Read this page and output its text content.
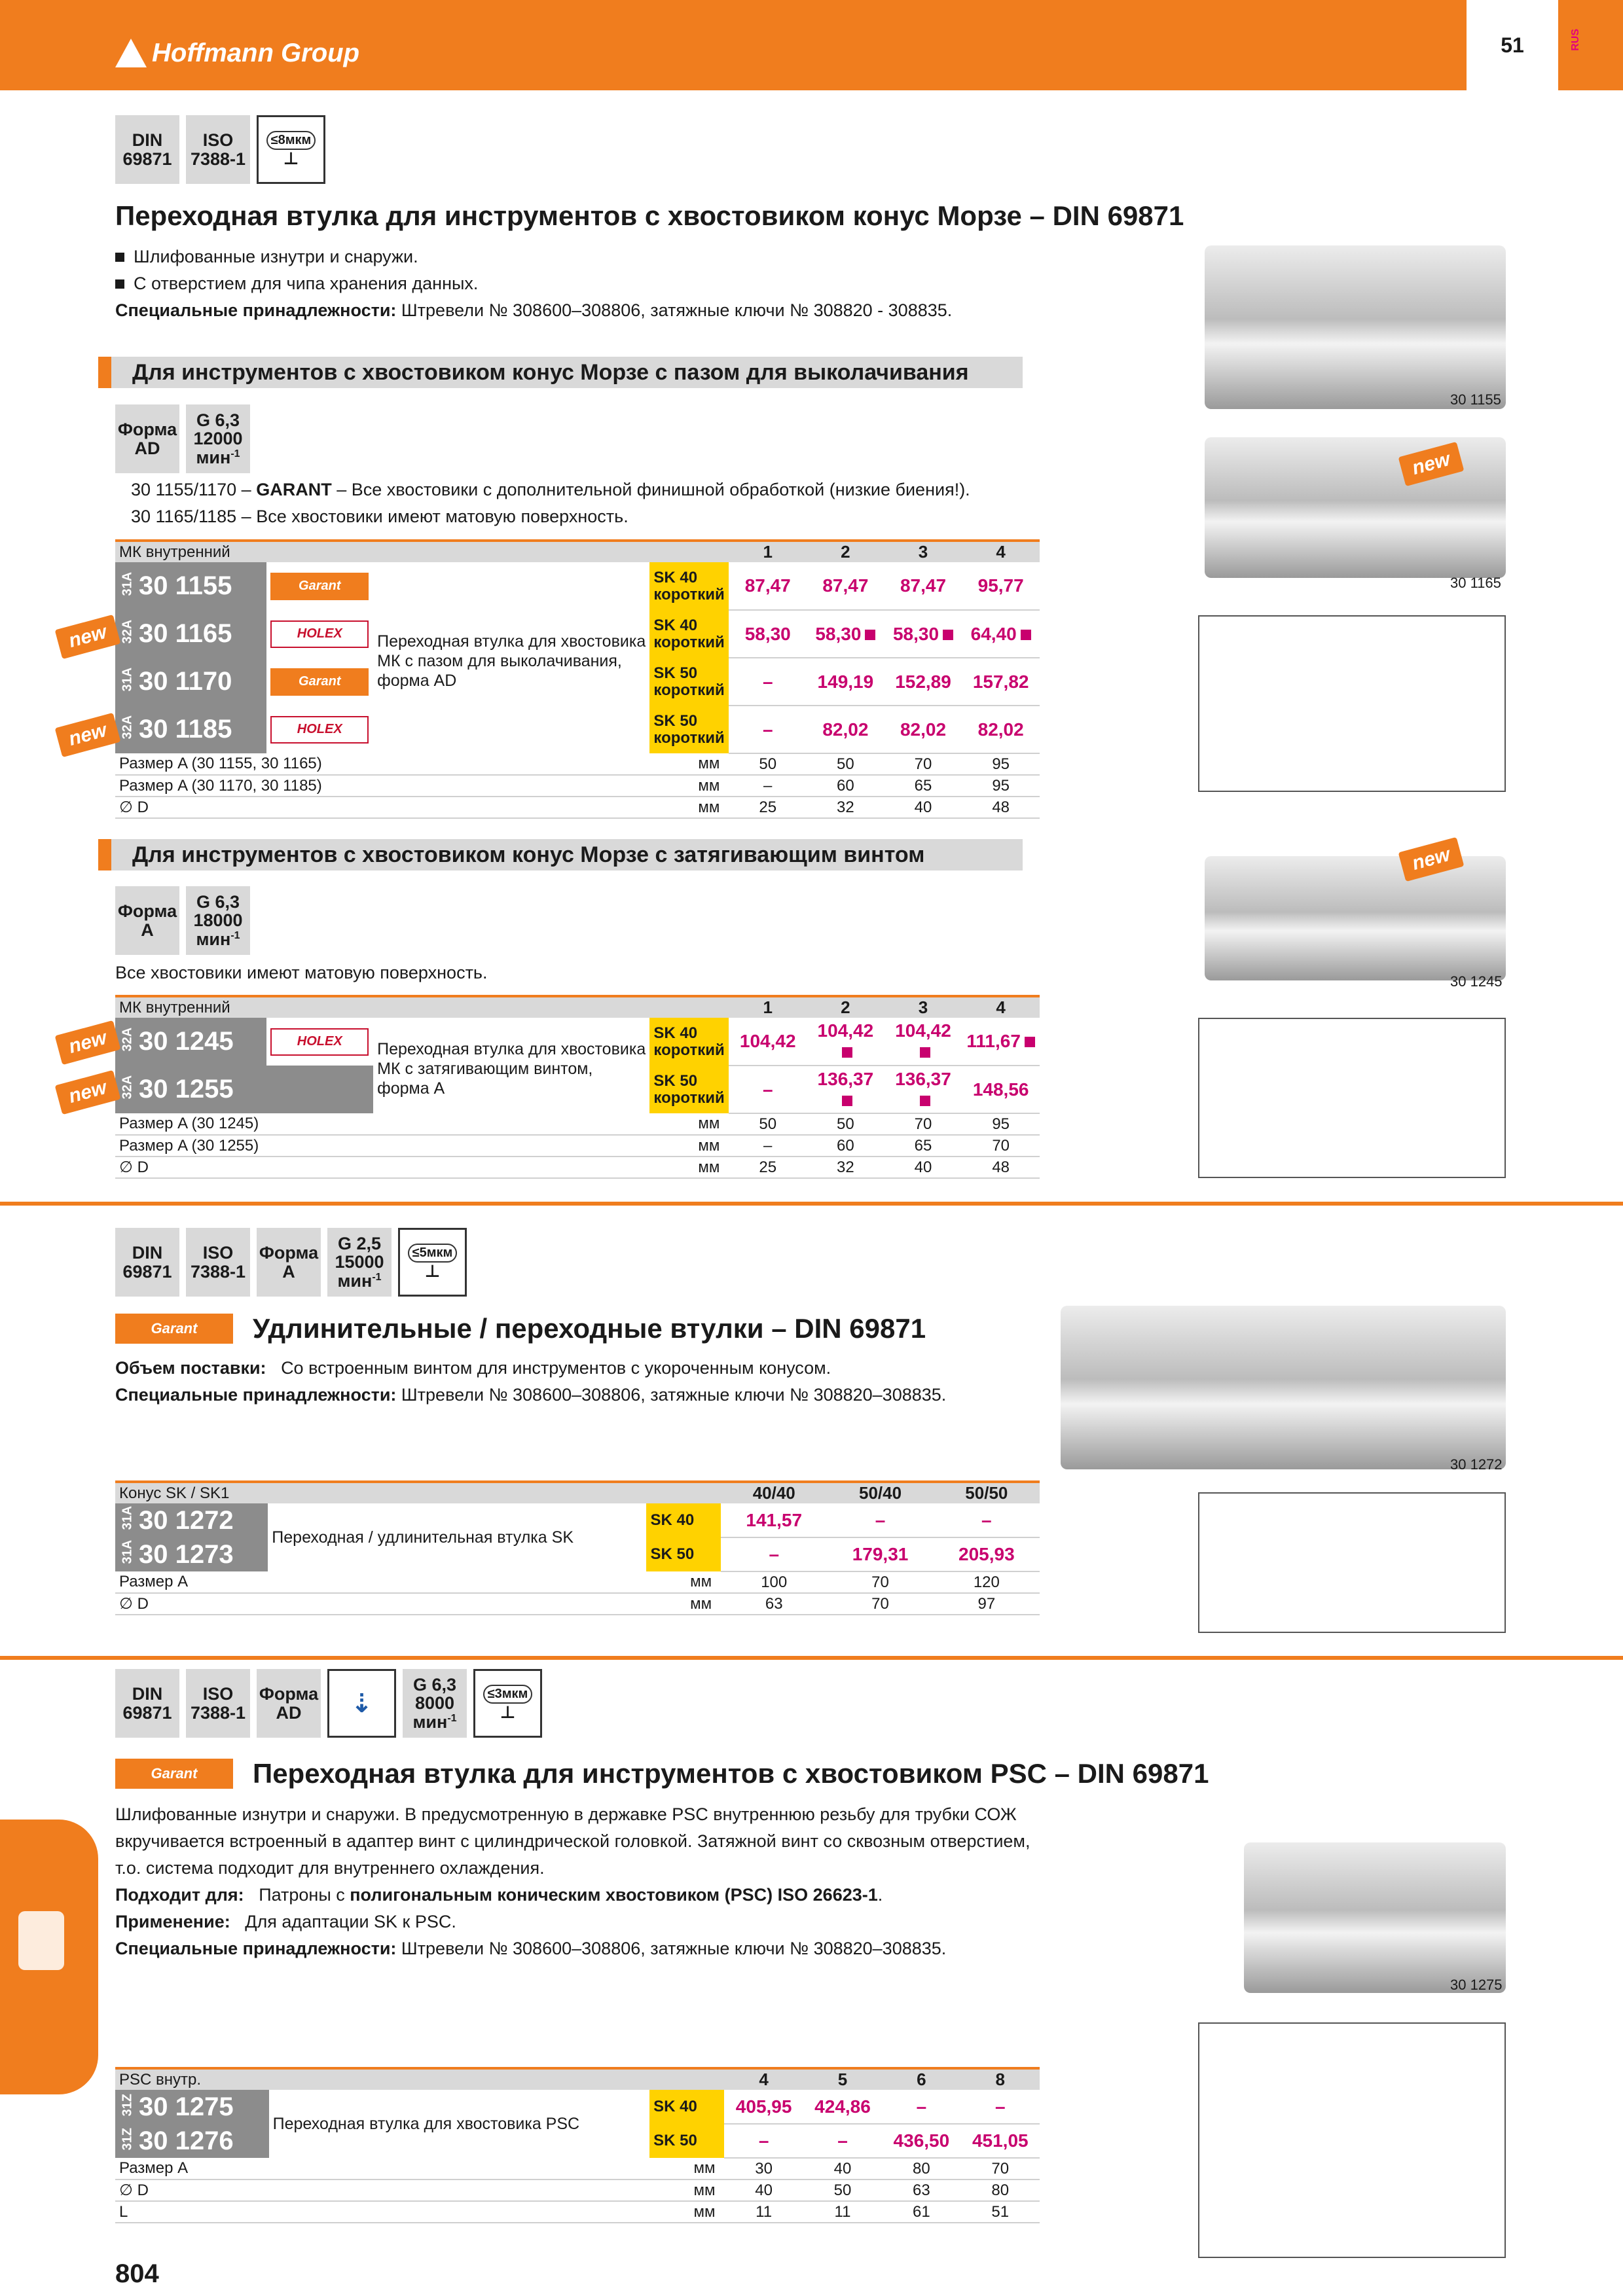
Hoffmann Group	51	RUS
DIN
69871
ISO
7388-1
≤8мкм
⊥
Переходная втулка для инструментов с хвостовиком конус Морзе – DIN 69871
Шлифованные изнутри и снаружи.
С отверстием для чипа хранения данных.
Специальные принадлежности: Штревели № 308600–308806, затяжные ключи № 308820 - 308835.
Для инструментов с хвостовиком конус Морзе с пазом для выколачивания
Форма
AD
G 6,3
12000
мин$^{-1}$
30 1155/1170 – GARANT – Все хвостовики с дополнительной финишной обработкой (низкие биения!).
30 1165/1185 – Все хвостовики имеют матовую поверхность.
МК внутренний				1	2	3	4
31A 30 1155	Garant	Переходная втулка для хвостовика МК с пазом для выколачивания, форма AD	SK 40 короткий	87,47	87,47	87,47	95,77
32A 30 1165	HOLEX		SK 40 короткий	58,30	58,30	58,30	64,40
31A 30 1170	Garant		SK 50 короткий	–	149,19	152,89	157,82
32A 30 1185	HOLEX		SK 50 короткий	–	82,02	82,02	82,02
Размер A (30 1155, 30 1165)			мм	50	50	70	95
Размер A (30 1170, 30 1185)			мм	–	60	65	95
∅ D			мм	25	32	40	48
new
new
30 1155
new
30 1165
Для инструментов с хвостовиком конус Морзе с затягивающим винтом
Форма
A
G 6,3
18000
мин$^{-1}$
Все хвостовики имеют матовую поверхность.
МК внутренний				1	2	3	4
32A 30 1245	HOLEX	Переходная втулка для хвостовика МК с затягивающим винтом, форма A	SK 40 короткий	104,42	104,42	104,42	111,67
32A 30 1255			SK 50 короткий	–	136,37	136,37	148,56
Размер A (30 1245)			мм	50	50	70	95
Размер A (30 1255)			мм	–	60	65	70
∅ D			мм	25	32	40	48
new
new
new
30 1245
DIN
69871
ISO
7388-1
Форма
A
G 2,5
15000
мин$^{-1}$
≤5мкм
⊥
Garant	Удлинительные / переходные втулки – DIN 69871
Объем поставки: Со встроенным винтом для инструментов с укороченным конусом.
Специальные принадлежности: Штревели № 308600–308806, затяжные ключи № 308820–308835.
Конус SK / SK1			40/40	50/40	50/50
31A 30 1272	Переходная / удлинительная втулка SK	SK 40	141,57	–	–
31A 30 1273		SK 50	–	179,31	205,93
Размер A		мм	100	70	120
∅ D		мм	63	70	97
30 1272
DIN
69871
ISO
7388-1
Форма
AD ⇣
G 6,3
8000
мин$^{-1}$
≤3мкм
⊥
Garant	Переходная втулка для инструментов с хвостовиком PSC – DIN 69871
Шлифованные изнутри и снаружи. В предусмотренную в державке PSC внутреннюю резьбу для трубки СОЖ вкручивается встроенный в адаптер винт с цилиндрической головкой. Затяжной винт со сквозным отверстием, т.о. система подходит для внутреннего охлаждения.
Подходит для: Патроны с полигональным коническим хвостовиком (PSC) ISO 26623-1.
Применение: Для адаптации SK к PSC.
Специальные принадлежности: Штревели № 308600–308806, затяжные ключи № 308820–308835.
PSC внутр.			4	5	6	8
31Z 30 1275	Переходная втулка для хвостовика PSC	SK 40	405,95	424,86	–	–
31Z 30 1276		SK 50	–	–	436,50	451,05
Размер A		мм	30	40	80	70
∅ D		мм	40	50	63	80
L		мм	11	11	61	51
30 1275
804
